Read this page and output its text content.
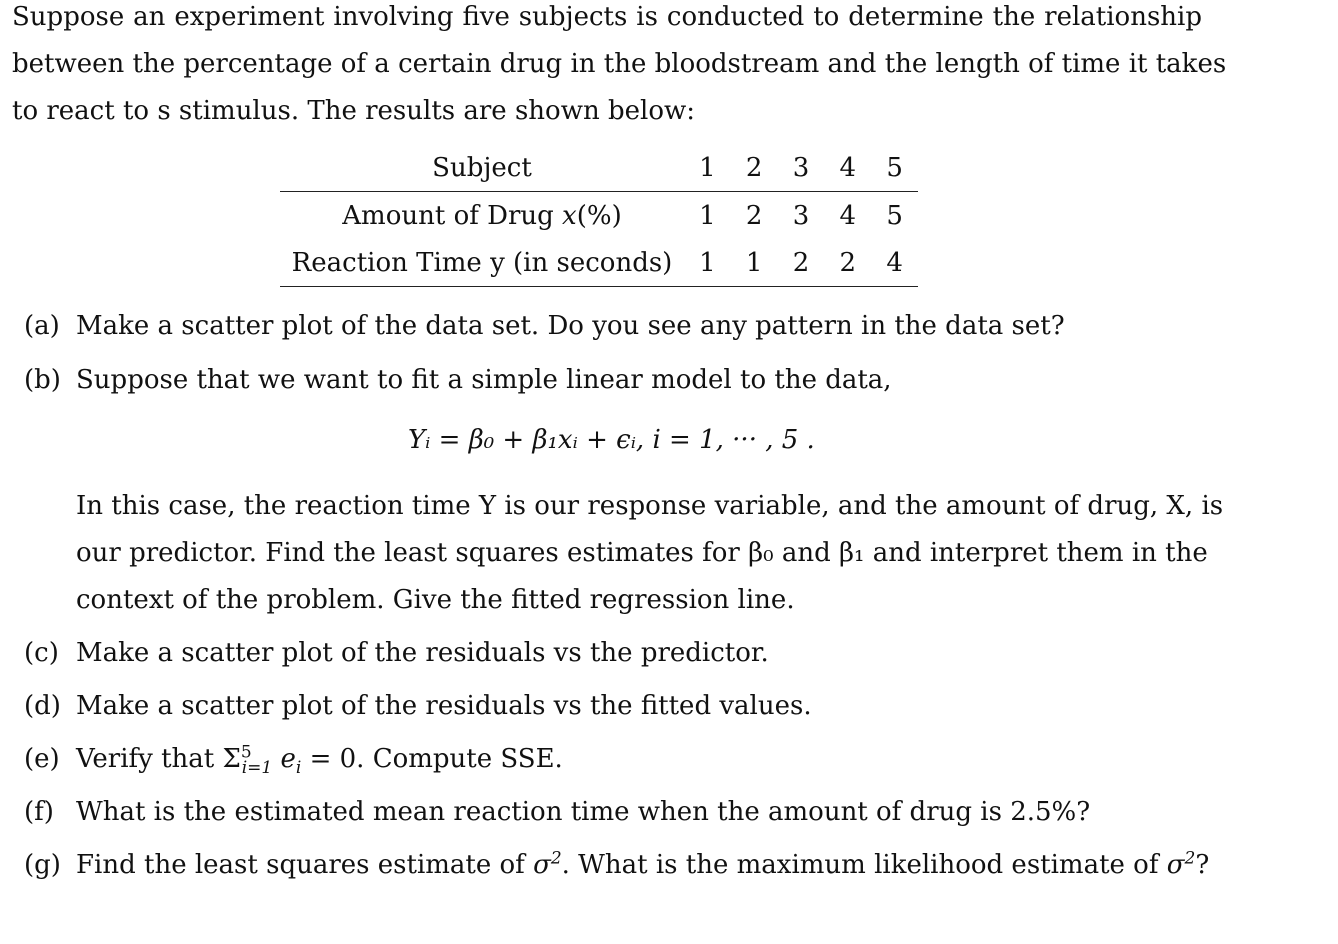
Suppose an experiment involving five subjects is conducted to determine the relationship
between the percentage of a certain drug in the bloodstream and the length of time it takes
to react to s stimulus. The results are shown below:
Subject	1	2	3	4	5
Amount of Drug x(%)	1	2	3	4	5
Reaction Time y (in seconds)	1	1	2	2	4
(a) Make a scatter plot of the data set. Do you see any pattern in the data set?
(b) Suppose that we want to fit a simple linear model to the data,
Yᵢ = β₀ + β₁xᵢ + ϵᵢ, i = 1, ··· , 5 .
In this case, the reaction time Y is our response variable, and the amount of drug, X, is
our predictor. Find the least squares estimates for β₀ and β₁ and interpret them in the
context of the problem. Give the fitted regression line.
(c) Make a scatter plot of the residuals vs the predictor.
(d) Make a scatter plot of the residuals vs the fitted values.
(e) Verify that $\Sigma^5_{i=1}$ $e_i = 0$. Compute SSE.
(f) What is the estimated mean reaction time when the amount of drug is 2.5%?
(g) Find the least squares estimate of $\sigma^2$. What is the maximum likelihood estimate of $\sigma^2$?
